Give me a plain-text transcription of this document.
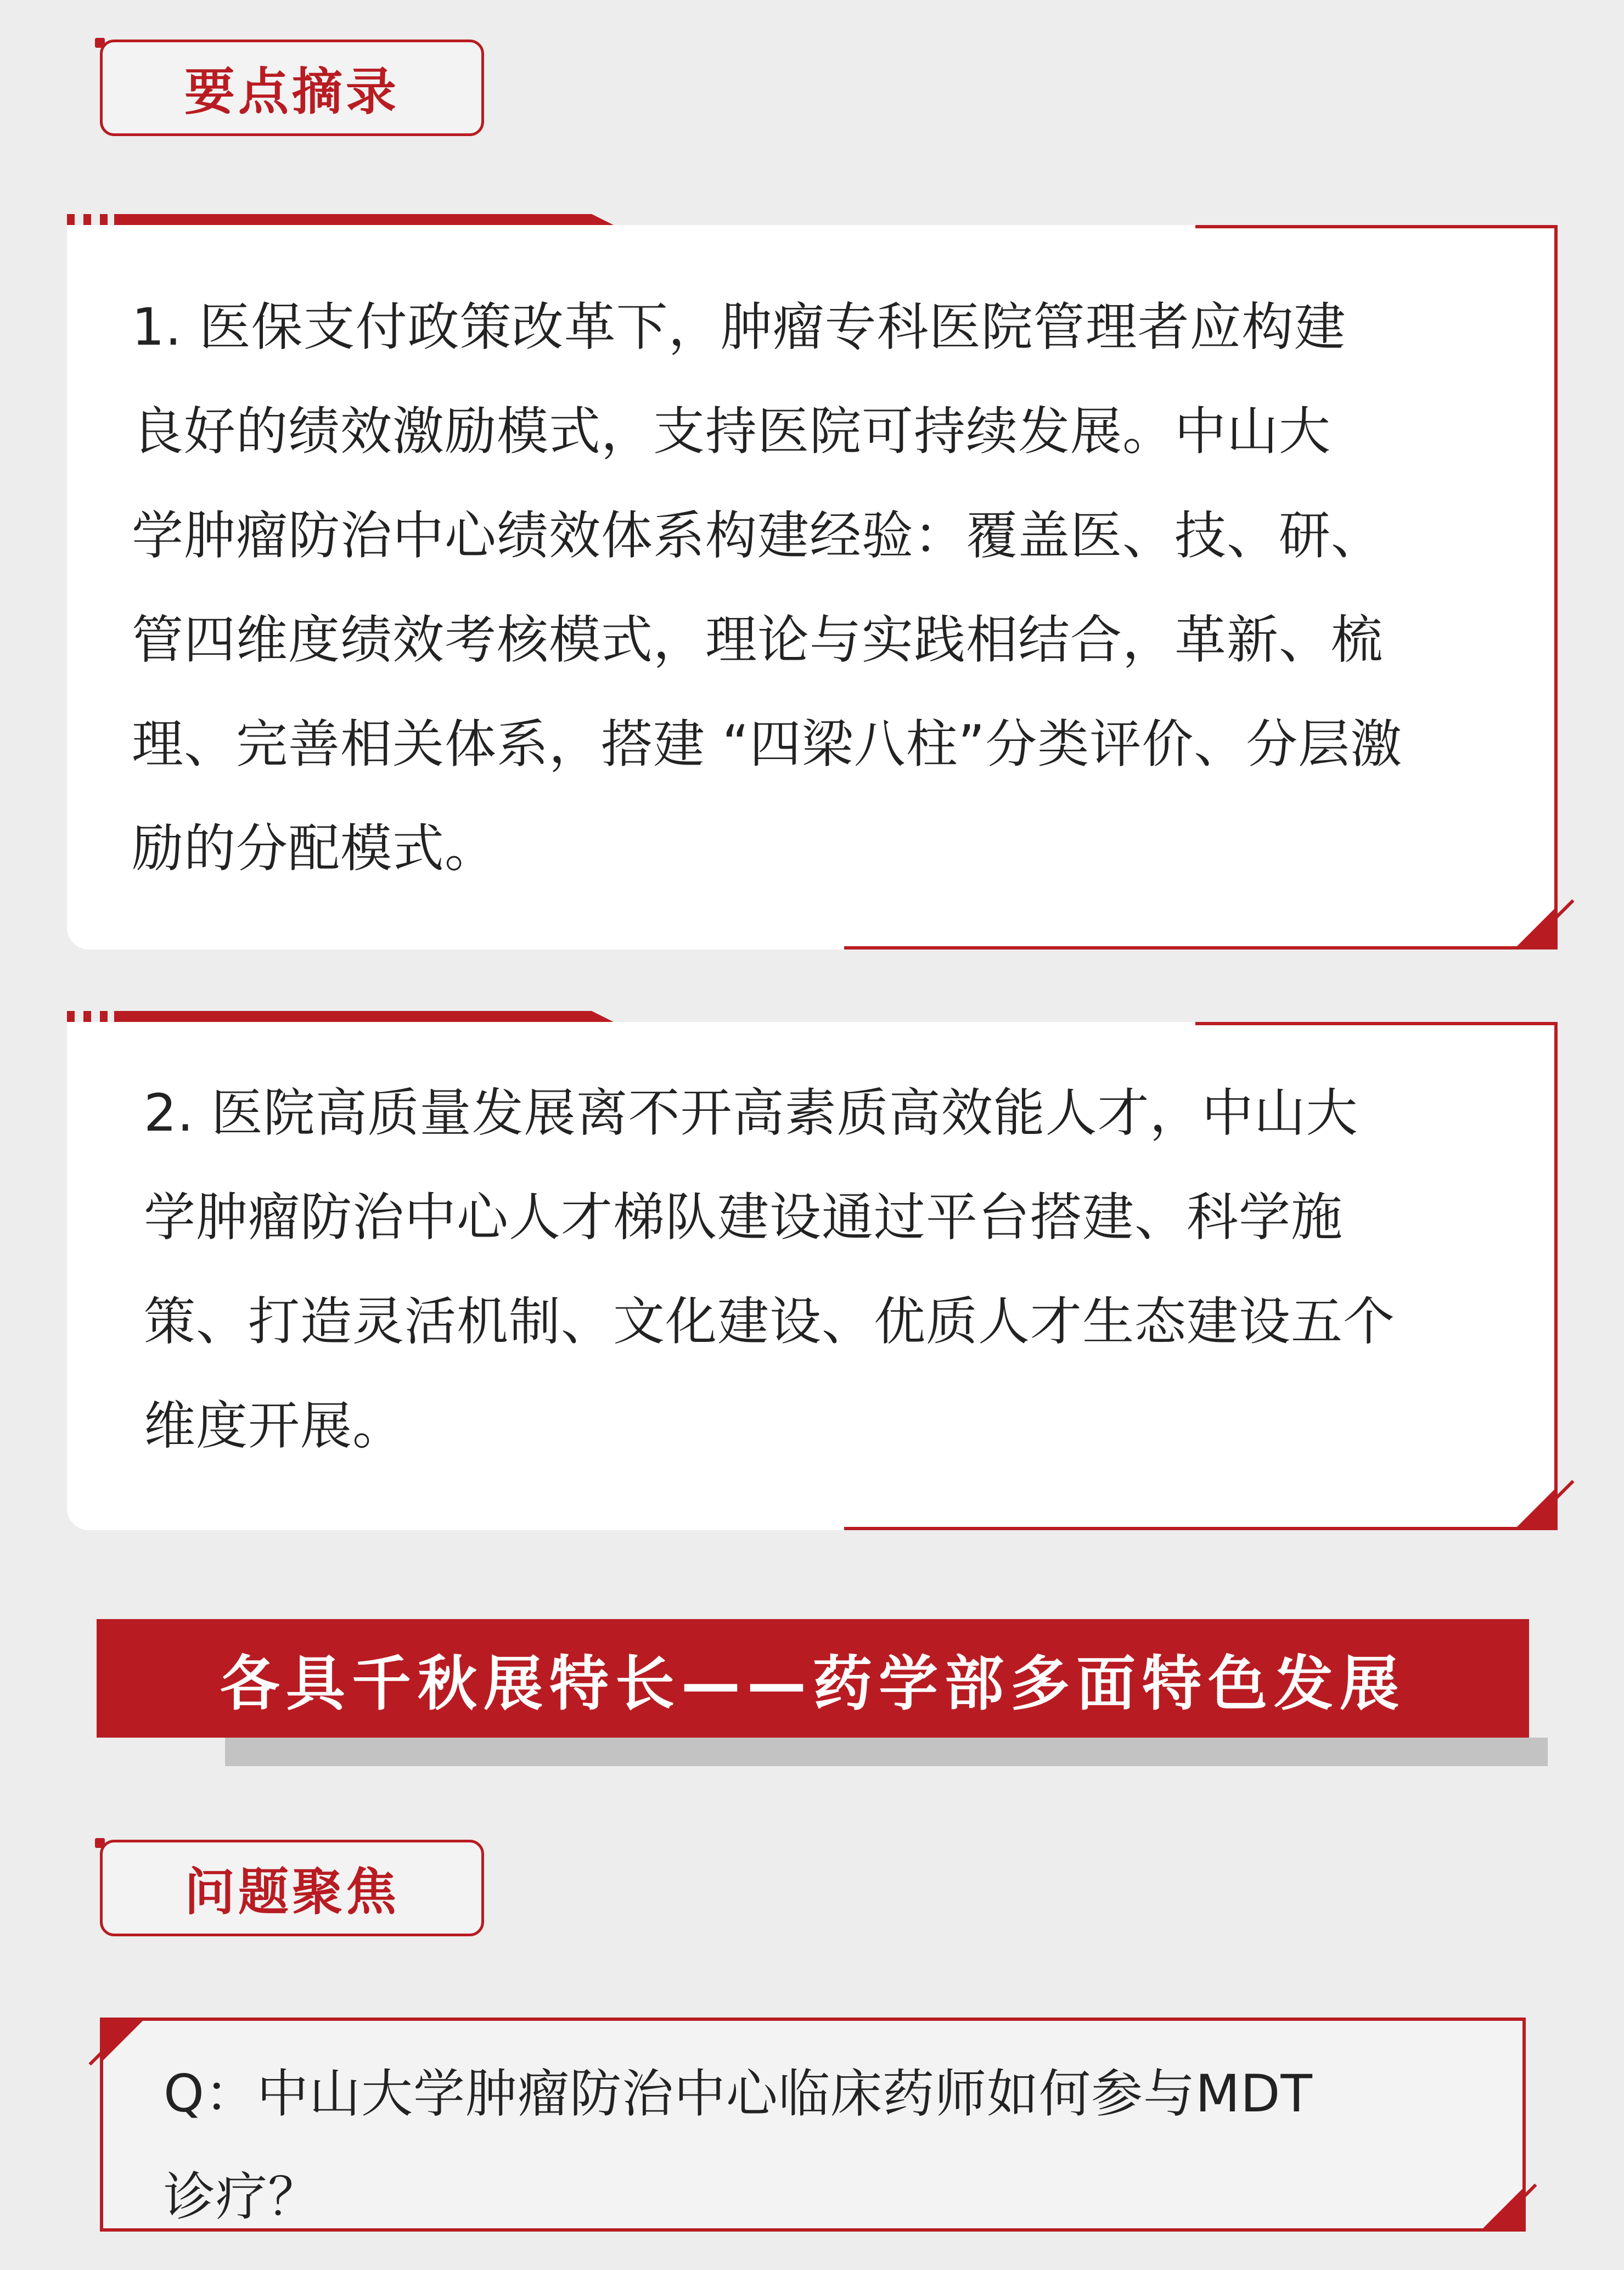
要点摘录
1. 医保支付政策改革下，肿瘤专科医院管理者应构建
良好的绩效激励模式，支持医院可持续发展。中山大
学肿瘤防治中心绩效体系构建经验：覆盖医、技、研、
管四维度绩效考核模式，理论与实践相结合，革新、梳
理、完善相关体系，搭建 “四梁八柱”分类评价、分层激
励的分配模式。
2. 医院高质量发展离不开高素质高效能人才，中山大
学肿瘤防治中心人才梯队建设通过平台搭建、科学施
策、打造灵活机制、文化建设、优质人才生态建设五个
维度开展。
各具千秋展特长——药学部多面特色发展
问题聚焦
Q：中山大学肿瘤防治中心临床药师如何参与MDT
诊疗？
